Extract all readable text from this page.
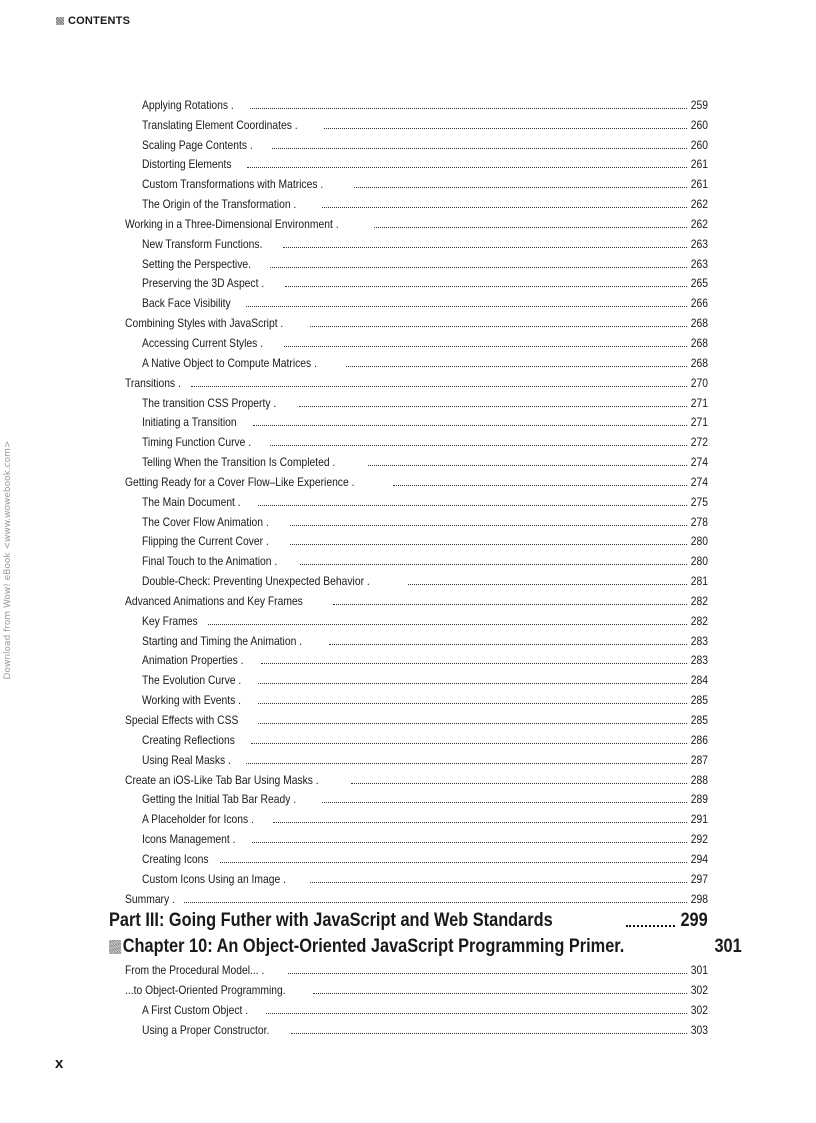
CONTENTS
Download from Wow! eBook <www.wowebook.com>
Applying Rotations .	259
Translating Element Coordinates .	260
Scaling Page Contents .	260
Distorting Elements	261
Custom Transformations with Matrices .	261
The Origin of the Transformation .	262
Working in a Three-Dimensional Environment .	262
New Transform Functions.	263
Setting the Perspective.	263
Preserving the 3D Aspect .	265
Back Face Visibility	266
Combining Styles with JavaScript .	268
Accessing Current Styles .	268
A Native Object to Compute Matrices .	268
Transitions .	270
The transition CSS Property .	271
Initiating a Transition	271
Timing Function Curve .	272
Telling When the Transition Is Completed .	274
Getting Ready for a Cover Flow–Like Experience .	274
The Main Document .	275
The Cover Flow Animation .	278
Flipping the Current Cover .	280
Final Touch to the Animation .	280
Double-Check: Preventing Unexpected Behavior .	281
Advanced Animations and Key Frames	282
Key Frames	282
Starting and Timing the Animation .	283
Animation Properties .	283
The Evolution Curve .	284
Working with Events .	285
Special Effects with CSS	285
Creating Reflections	286
Using Real Masks .	287
Create an iOS-Like Tab Bar Using Masks .	288
Getting the Initial Tab Bar Ready .	289
A Placeholder for Icons .	291
Icons Management .	292
Creating Icons	294
Custom Icons Using an Image .	297
Summary .	298
Part III: Going Futher with JavaScript and Web Standards	299
Chapter 10: An Object-Oriented JavaScript Programming Primer.	301
From the Procedural Model... .	301
...to Object-Oriented Programming.	302
A First Custom Object .	302
Using a Proper Constructor.	303
x
